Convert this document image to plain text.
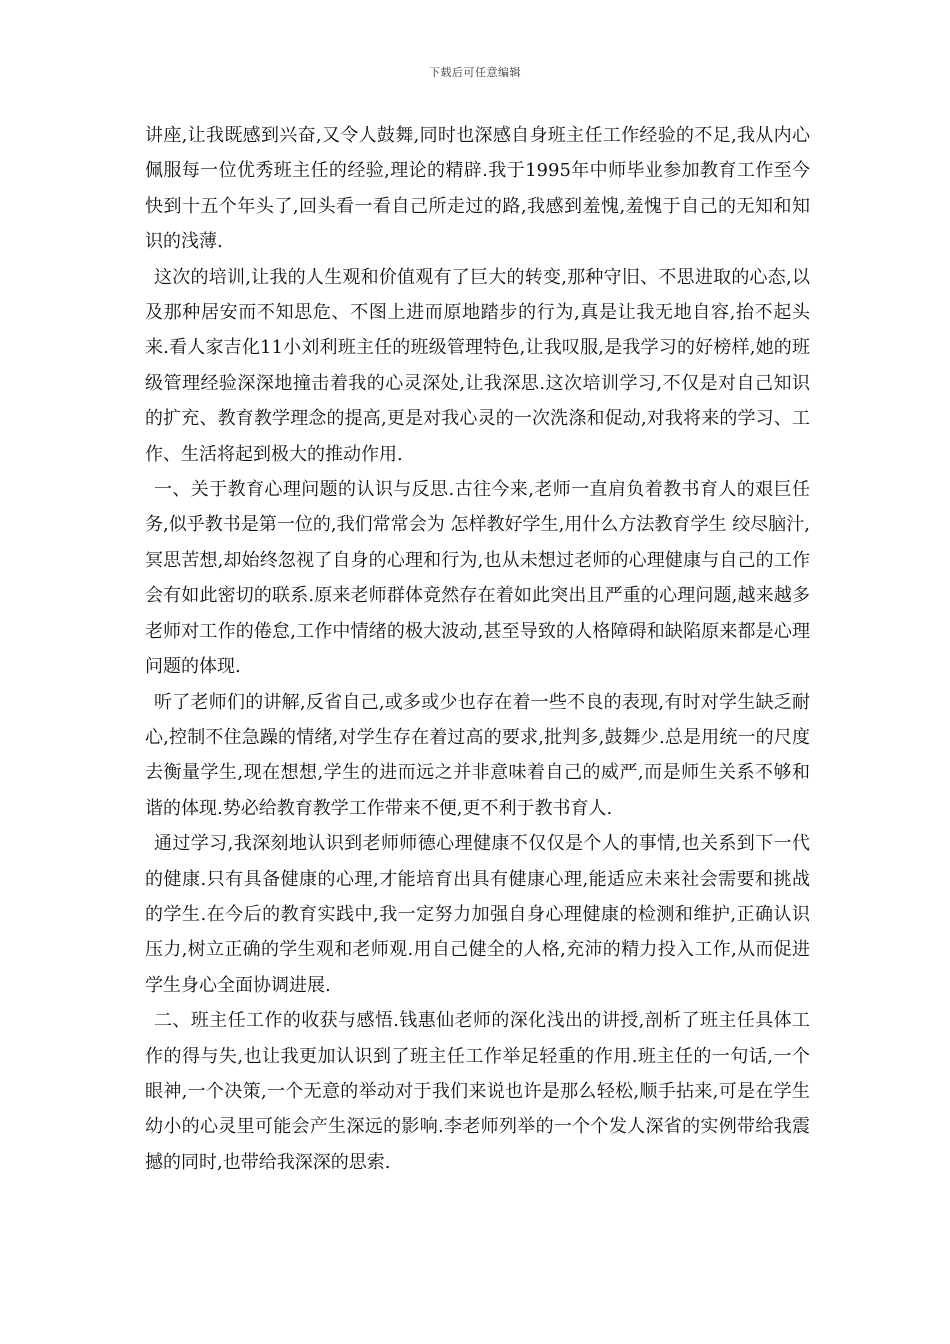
下载后可任意编辑

讲座,让我既感到兴奋,又令人鼓舞,同时也深感自身班主任工作经验的不足,我从内心佩服每一位优秀班主任的经验,理论的精辟.我于1995年中师毕业参加教育工作至今快到十五个年头了,回头看一看自己所走过的路,我感到羞愧,羞愧于自己的无知和知识的浅薄.

这次的培训,让我的人生观和价值观有了巨大的转变,那种守旧、不思进取的心态,以及那种居安而不知思危、不图上进而原地踏步的行为,真是让我无地自容,抬不起头来.看人家吉化11小刘利班主任的班级管理特色,让我叹服,是我学习的好榜样,她的班级管理经验深深地撞击着我的心灵深处,让我深思.这次培训学习,不仅是对自己知识的扩充、教育教学理念的提高,更是对我心灵的一次洗涤和促动,对我将来的学习、工作、生活将起到极大的推动作用.

一、关于教育心理问题的认识与反思.古往今来,老师一直肩负着教书育人的艰巨任务,似乎教书是第一位的,我们常常会为 怎样教好学生,用什么方法教育学生 绞尽脑汁,冥思苦想,却始终忽视了自身的心理和行为,也从未想过老师的心理健康与自己的工作会有如此密切的联系.原来老师群体竟然存在着如此突出且严重的心理问题,越来越多老师对工作的倦怠,工作中情绪的极大波动,甚至导致的人格障碍和缺陷原来都是心理问题的体现.

听了老师们的讲解,反省自己,或多或少也存在着一些不良的表现,有时对学生缺乏耐心,控制不住急躁的情绪,对学生存在着过高的要求,批判多,鼓舞少.总是用统一的尺度去衡量学生,现在想想,学生的进而远之并非意味着自己的威严,而是师生关系不够和谐的体现.势必给教育教学工作带来不便,更不利于教书育人.

通过学习,我深刻地认识到老师师德心理健康不仅仅是个人的事情,也关系到下一代的健康.只有具备健康的心理,才能培育出具有健康心理,能适应未来社会需要和挑战的学生.在今后的教育实践中,我一定努力加强自身心理健康的检测和维护,正确认识压力,树立正确的学生观和老师观.用自己健全的人格,充沛的精力投入工作,从而促进学生身心全面协调进展.

二、班主任工作的收获与感悟.钱惠仙老师的深化浅出的讲授,剖析了班主任具体工作的得与失,也让我更加认识到了班主任工作举足轻重的作用.班主任的一句话,一个眼神,一个决策,一个无意的举动对于我们来说也许是那么轻松,顺手拈来,可是在学生幼小的心灵里可能会产生深远的影响.李老师列举的一个个发人深省的实例带给我震撼的同时,也带给我深深的思索.
